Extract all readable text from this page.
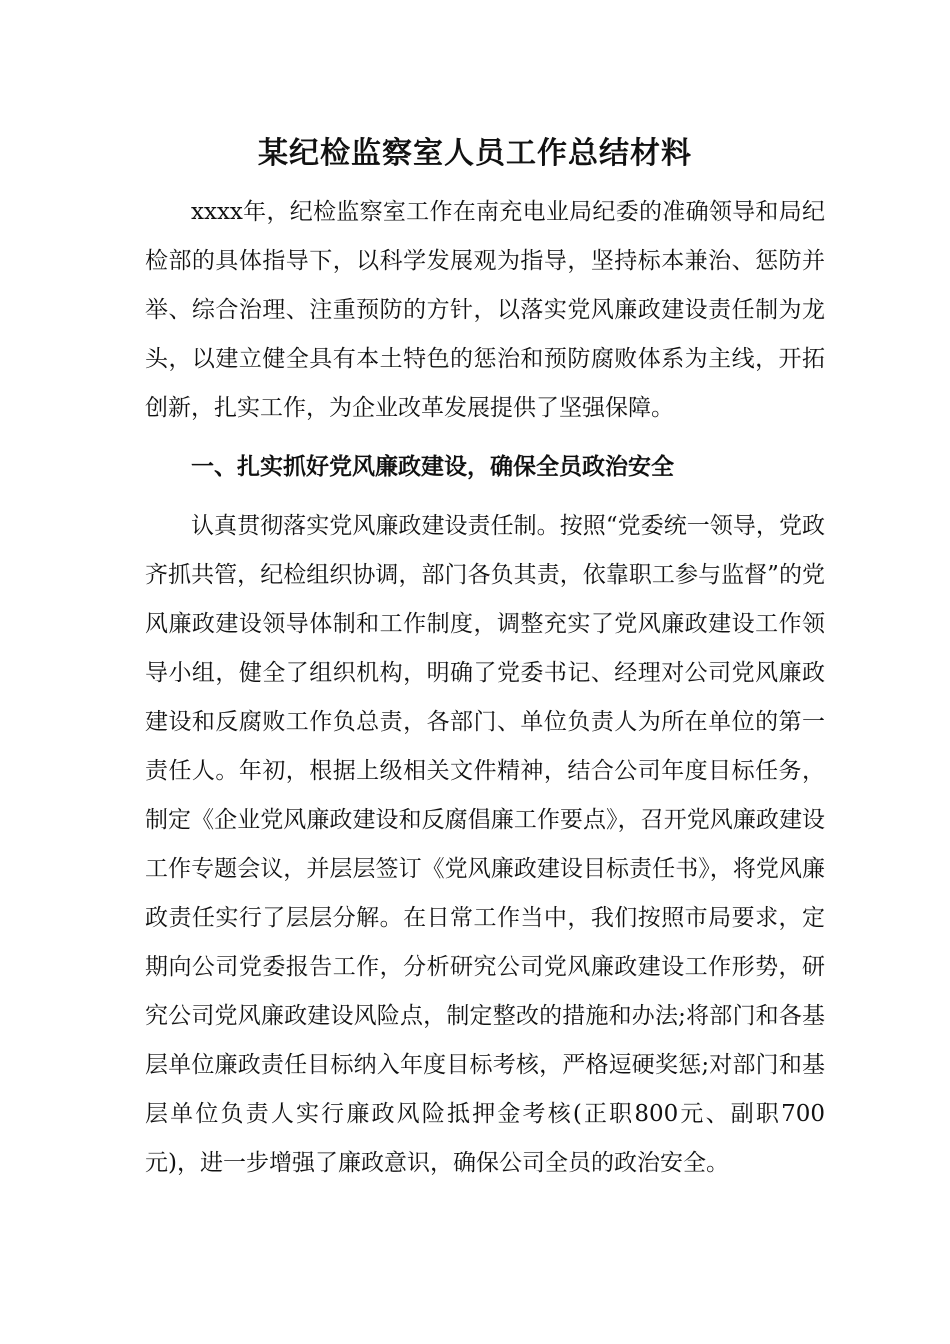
某纪检监察室人员工作总结材料

xxxx年，纪检监察室工作在南充电业局纪委的准确领导和局纪检部的具体指导下，以科学发展观为指导，坚持标本兼治、惩防并举、综合治理、注重预防的方针，以落实党风廉政建设责任制为龙头，以建立健全具有本土特色的惩治和预防腐败体系为主线，开拓创新，扎实工作，为企业改革发展提供了坚强保障。

一、扎实抓好党风廉政建设，确保全员政治安全

认真贯彻落实党风廉政建设责任制。按照“党委统一领导，党政齐抓共管，纪检组织协调，部门各负其责，依靠职工参与监督”的党风廉政建设领导体制和工作制度，调整充实了党风廉政建设工作领导小组，健全了组织机构，明确了党委书记、经理对公司党风廉政建设和反腐败工作负总责，各部门、单位负责人为所在单位的第一责任人。年初，根据上级相关文件精神，结合公司年度目标任务，制定《企业党风廉政建设和反腐倡廉工作要点》，召开党风廉政建设工作专题会议，并层层签订《党风廉政建设目标责任书》，将党风廉政责任实行了层层分解。在日常工作当中，我们按照市局要求，定期向公司党委报告工作，分析研究公司党风廉政建设工作形势，研究公司党风廉政建设风险点，制定整改的措施和办法;将部门和各基层单位廉政责任目标纳入年度目标考核，严格逗硬奖惩;对部门和基层单位负责人实行廉政风险抵押金考核(正职800元、副职700元)，进一步增强了廉政意识，确保公司全员的政治安全。
